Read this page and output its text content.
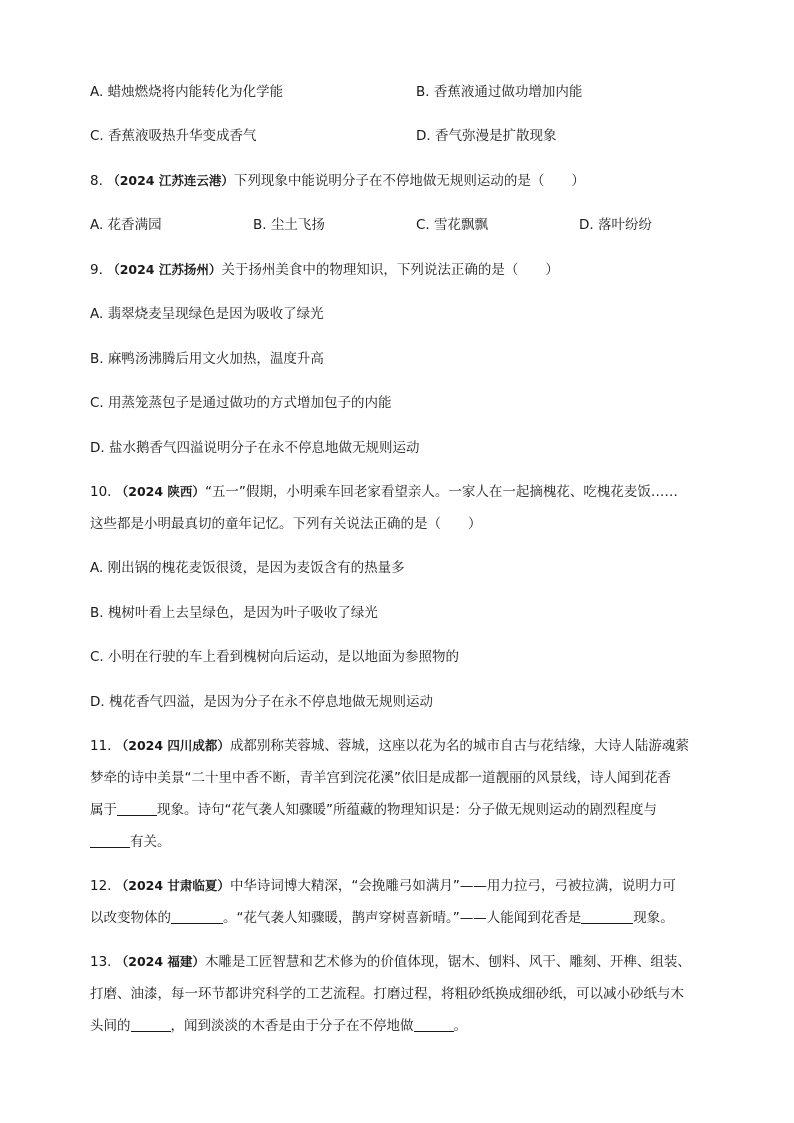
A. 蜡烛燃烧将内能转化为化学能	B. 香蕉液通过做功增加内能
C. 香蕉液吸热升华变成香气	D. 香气弥漫是扩散现象
8. （2024 江苏连云港）下列现象中能说明分子在不停地做无规则运动的是（　　）
A. 花香满园	B. 尘土飞扬	C. 雪花飘飘	D. 落叶纷纷
9. （2024 江苏扬州）关于扬州美食中的物理知识，下列说法正确的是（　　）
A. 翡翠烧麦呈现绿色是因为吸收了绿光
B. 麻鸭汤沸腾后用文火加热，温度升高
C. 用蒸笼蒸包子是通过做功的方式增加包子的内能
D. 盐水鹅香气四溢说明分子在永不停息地做无规则运动
10. （2024 陕西）“五一”假期，小明乘车回老家看望亲人。一家人在一起摘槐花、吃槐花麦饭……
这些都是小明最真切的童年记忆。下列有关说法正确的是（　　）
A. 刚出锅的槐花麦饭很烫，是因为麦饭含有的热量多
B. 槐树叶看上去呈绿色，是因为叶子吸收了绿光
C. 小明在行驶的车上看到槐树向后运动，是以地面为参照物的
D. 槐花香气四溢，是因为分子在永不停息地做无规则运动
11. （2024 四川成都）成都别称芙蓉城、蓉城，这座以花为名的城市自古与花结缘，大诗人陆游魂萦
梦牵的诗中美景“二十里中香不断，青羊宫到浣花溪”依旧是成都一道靓丽的风景线，诗人闻到花香
属于	现象。诗句“花气袭人知骤暖”所蕴藏的物理知识是：分子做无规则运动的剧烈程度与
有关。
12. （2024 甘肃临夏）中华诗词博大精深，“会挽雕弓如满月”——用力拉弓，弓被拉满，说明力可
以改变物体的	。“花气袭人知骤暖，鹊声穿树喜新晴。”——人能闻到花香是	现象。
13. （2024 福建）木雕是工匠智慧和艺术修为的价值体现，锯木、刨料、风干、雕刻、开榫、组装、
打磨、油漆，每一环节都讲究科学的工艺流程。打磨过程，将粗砂纸换成细砂纸，可以减小砂纸与木
头间的	，闻到淡淡的木香是由于分子在不停地做	。
